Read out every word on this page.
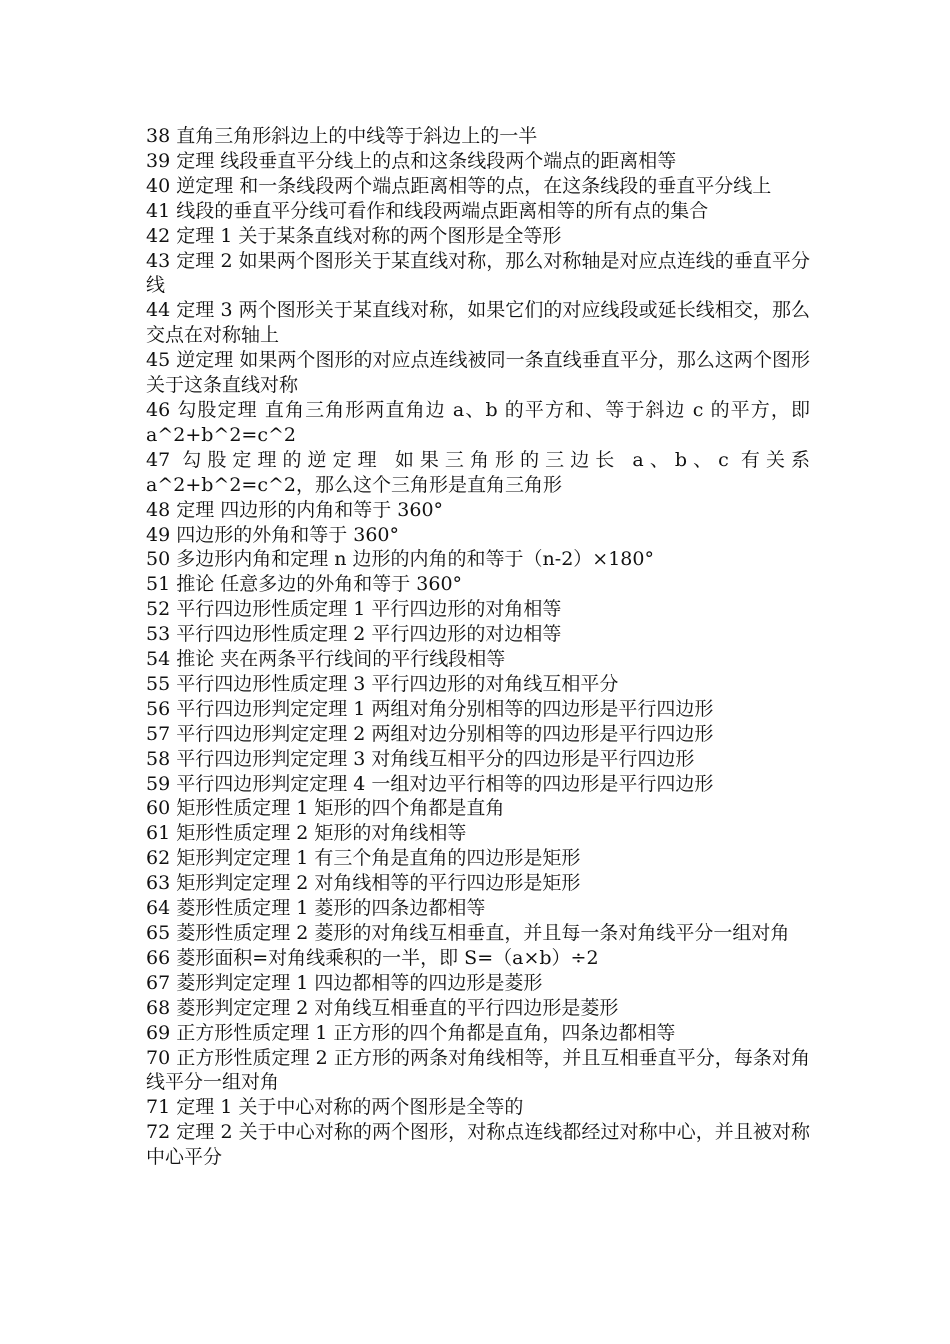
38 直角三角形斜边上的中线等于斜边上的一半
39 定理 线段垂直平分线上的点和这条线段两个端点的距离相等
40 逆定理 和一条线段两个端点距离相等的点，在这条线段的垂直平分线上
41 线段的垂直平分线可看作和线段两端点距离相等的所有点的集合
42 定理 1 关于某条直线对称的两个图形是全等形
43 定理 2 如果两个图形关于某直线对称，那么对称轴是对应点连线的垂直平分线
44 定理 3 两个图形关于某直线对称，如果它们的对应线段或延长线相交，那么交点在对称轴上
45 逆定理 如果两个图形的对应点连线被同一条直线垂直平分，那么这两个图形关于这条直线对称
46 勾股定理 直角三角形两直角边 a、b 的平方和、等于斜边 c 的平方，即 a^2+b^2=c^2
47 勾股定理的逆定理 如果三角形的三边长 a、b、c 有关系 a^2+b^2=c^2，那么这个三角形是直角三角形
48 定理 四边形的内角和等于 360°
49 四边形的外角和等于 360°
50 多边形内角和定理 n 边形的内角的和等于（n-2）×180°
51 推论 任意多边的外角和等于 360°
52 平行四边形性质定理 1 平行四边形的对角相等
53 平行四边形性质定理 2 平行四边形的对边相等
54 推论 夹在两条平行线间的平行线段相等
55 平行四边形性质定理 3 平行四边形的对角线互相平分
56 平行四边形判定定理 1 两组对角分别相等的四边形是平行四边形
57 平行四边形判定定理 2 两组对边分别相等的四边形是平行四边形
58 平行四边形判定定理 3 对角线互相平分的四边形是平行四边形
59 平行四边形判定定理 4 一组对边平行相等的四边形是平行四边形
60 矩形性质定理 1 矩形的四个角都是直角
61 矩形性质定理 2 矩形的对角线相等
62 矩形判定定理 1 有三个角是直角的四边形是矩形
63 矩形判定定理 2 对角线相等的平行四边形是矩形
64 菱形性质定理 1 菱形的四条边都相等
65 菱形性质定理 2 菱形的对角线互相垂直，并且每一条对角线平分一组对角
66 菱形面积=对角线乘积的一半，即 S=（a×b）÷2
67 菱形判定定理 1 四边都相等的四边形是菱形
68 菱形判定定理 2 对角线互相垂直的平行四边形是菱形
69 正方形性质定理 1 正方形的四个角都是直角，四条边都相等
70 正方形性质定理 2 正方形的两条对角线相等，并且互相垂直平分，每条对角线平分一组对角
71 定理 1 关于中心对称的两个图形是全等的
72 定理 2 关于中心对称的两个图形，对称点连线都经过对称中心，并且被对称中心平分
